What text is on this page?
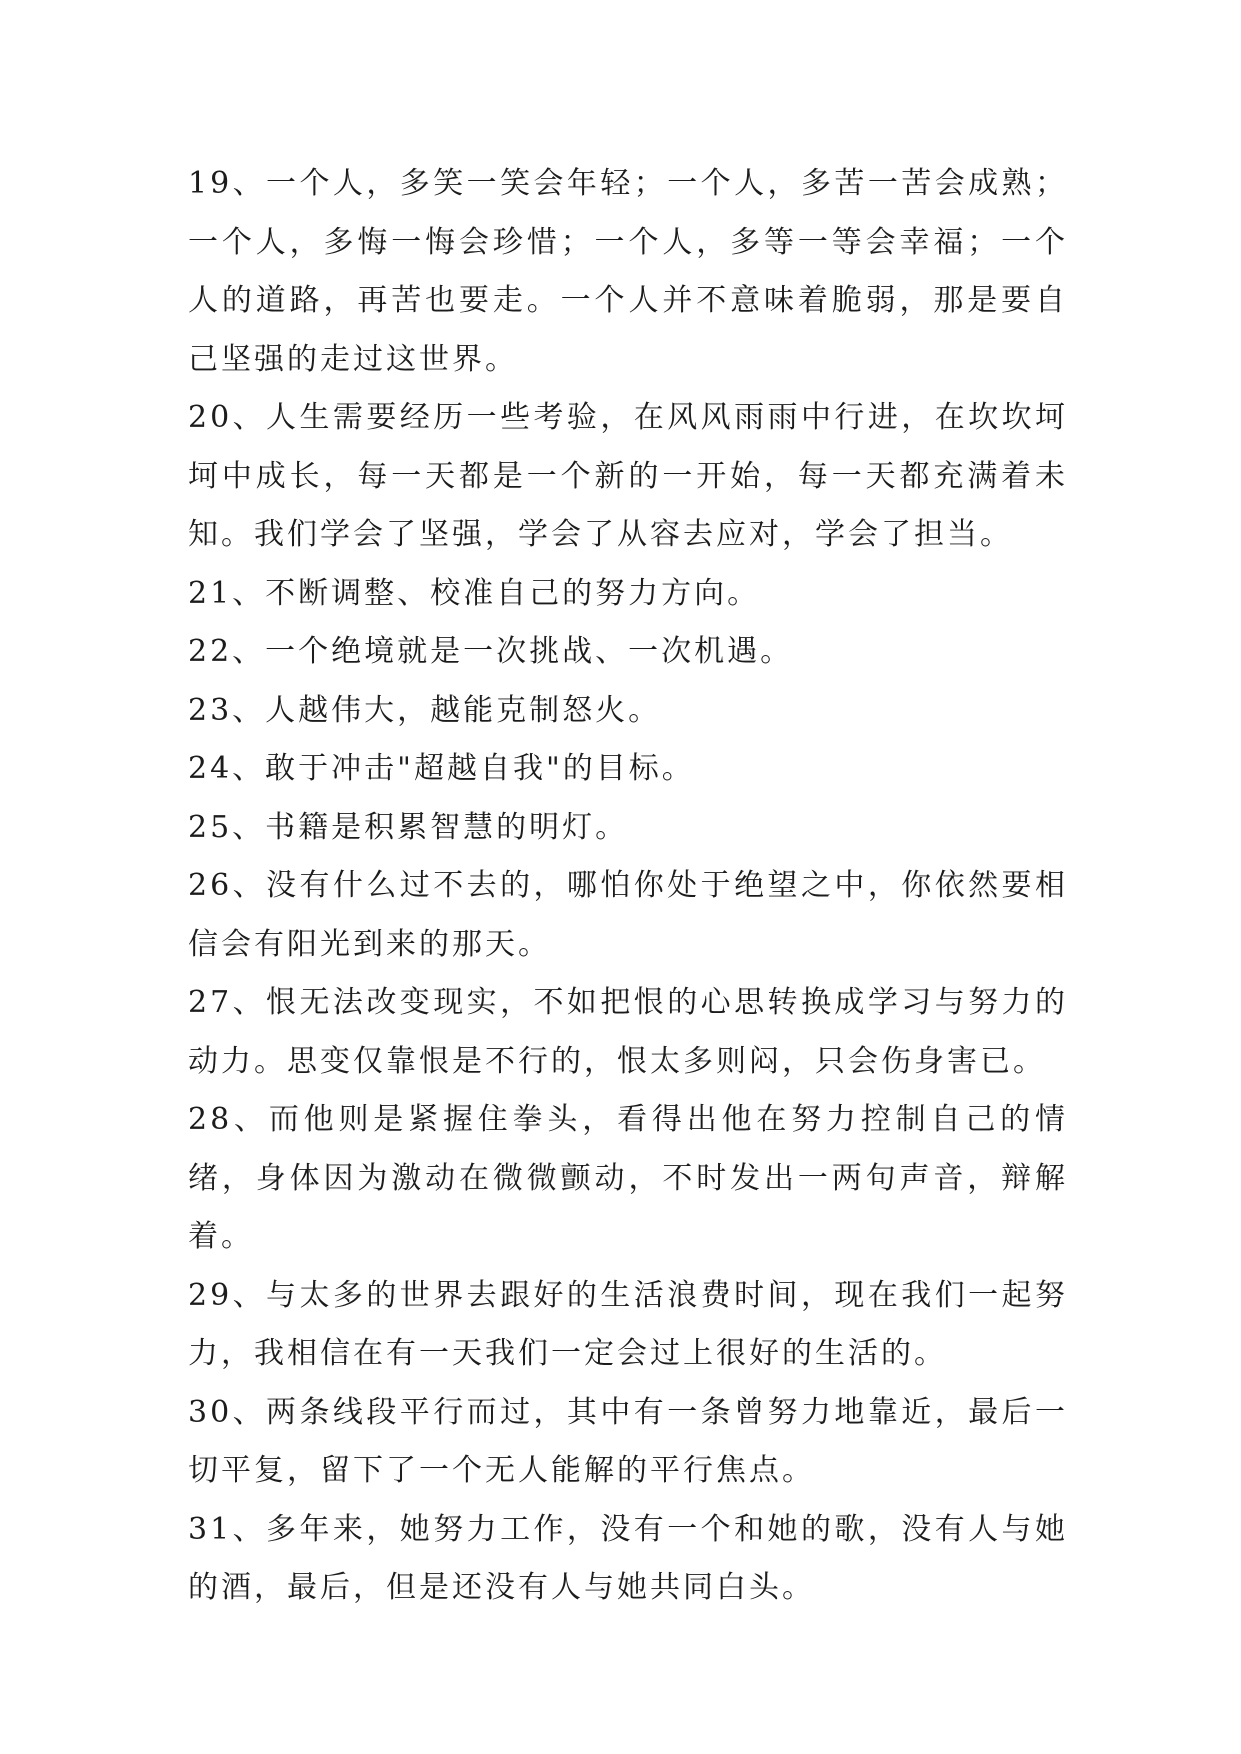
19、一个人，多笑一笑会年轻；一个人，多苦一苦会成熟；一个人，多悔一悔会珍惜；一个人，多等一等会幸福；一个人的道路，再苦也要走。一个人并不意味着脆弱，那是要自己坚强的走过这世界。

20、人生需要经历一些考验，在风风雨雨中行进，在坎坎坷坷中成长，每一天都是一个新的一开始，每一天都充满着未知。我们学会了坚强，学会了从容去应对，学会了担当。

21、不断调整、校准自己的努力方向。

22、一个绝境就是一次挑战、一次机遇。

23、人越伟大，越能克制怒火。

24、敢于冲击"超越自我"的目标。

25、书籍是积累智慧的明灯。

26、没有什么过不去的，哪怕你处于绝望之中，你依然要相信会有阳光到来的那天。

27、恨无法改变现实，不如把恨的心思转换成学习与努力的动力。思变仅靠恨是不行的，恨太多则闷，只会伤身害已。

28、而他则是紧握住拳头，看得出他在努力控制自己的情绪，身体因为激动在微微颤动，不时发出一两句声音，辩解着。

29、与太多的世界去跟好的生活浪费时间，现在我们一起努力，我相信在有一天我们一定会过上很好的生活的。

30、两条线段平行而过，其中有一条曾努力地靠近，最后一切平复，留下了一个无人能解的平行焦点。

31、多年来，她努力工作，没有一个和她的歌，没有人与她的酒，最后，但是还没有人与她共同白头。
